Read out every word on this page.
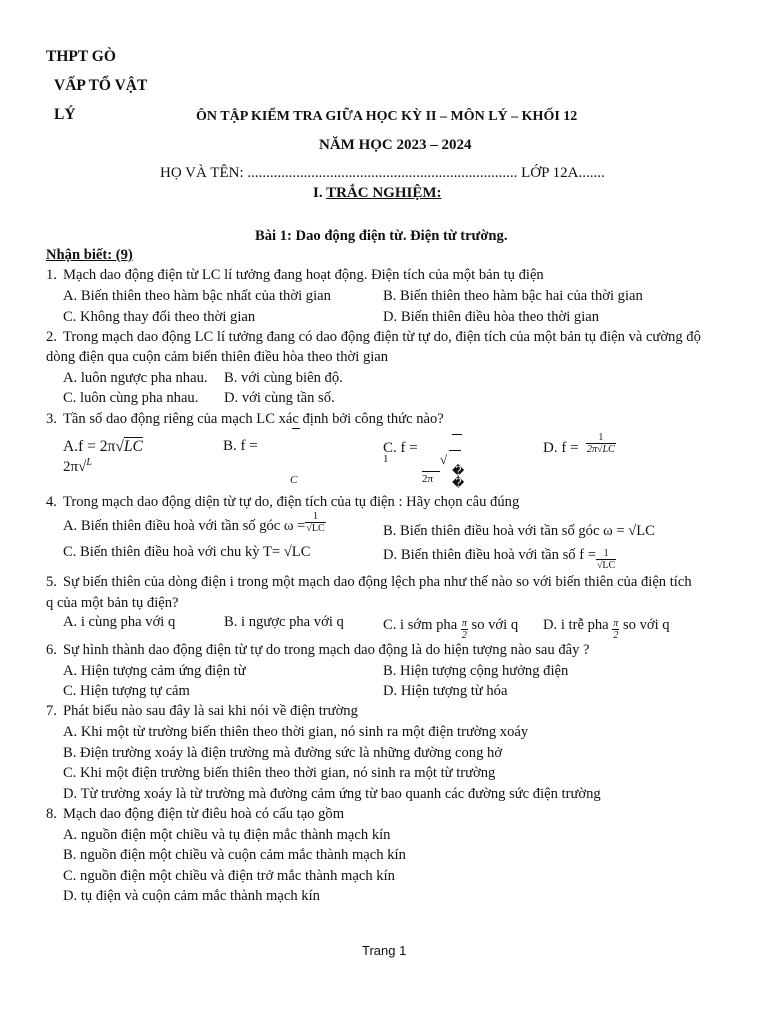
THPT GÒ
VẤP TỔ VẬT
LÝ	ÔN TẬP KIỂM TRA GIỮA HỌC KỲ II – MÔN LÝ – KHỐI 12
NĂM HỌC 2023 – 2024
HỌ VÀ TÊN: ........................................................................ LỚP 12A.......
I. TRẮC NGHIỆM:
Bài 1: Dao động điện từ. Điện từ trường.
Nhận biết: (9)
1. Mạch dao động điện từ LC lí tưởng đang hoạt động. Điện tích của một bản tụ điện
A. Biến thiên theo hàm bậc nhất của thời gian	B. Biến thiên theo hàm bậc hai của thời gian
C. Không thay đổi theo thời gian	D. Biến thiên điều hòa theo thời gian
2. Trong mạch dao động LC lí tưởng đang có dao động điện từ tự do, điện tích của một bản tụ điện và cường độ
dòng điện qua cuộn cảm biến thiên điều hòa theo thời gian
A. luôn ngược pha nhau. B. với cùng biên độ.
C. luôn cùng pha nhau. D. với cùng tần số.
3. Tần số dao động riêng của mạch LC xác định bởi công thức nào?
A.f = 2π√LC
2π√$^L$
B. f =
C
C. f =
1	√
�
�
2π
D. $f = \frac{1}{2\pi√LC}$
4. Trong mạch dao động diện từ tự do, điện tích của tụ điện : Hãy chọn câu đúng
A. Biến thiên điều hoà với tần số góc $\omega = \frac{1}{√LC}$	B. Biến thiên điều hoà với tần số góc ω = √LC
C. Biến thiên điều hoà với chu kỳ T= √LC	D. Biến thiên điều hoà với tần số $f = \frac{1}{√LC}$
5. Sự biến thiên của dòng điện i trong một mạch dao động lệch pha như thế nào so với biến thiên của điện tích
q của một bản tụ điện?
A. i cùng pha với q	B. i ngược pha với q	C. i sớm pha $\frac{\pi}{2}$ so với q D. i trễ pha $\frac{\pi}{2}$ so với q
6. Sự hình thành dao động điện từ tự do trong mạch dao động là do hiện tượng nào sau đây ?
A. Hiện tượng cảm ứng điện từ	B. Hiện tượng cộng hưởng điện
C. Hiện tượng tự cảm	D. Hiện tượng từ hóa
7. Phát biểu nào sau đây là sai khi nói về điện trường
A. Khi một từ trường biến thiên theo thời gian, nó sinh ra một điện trường xoáy
B. Điện trường xoáy là điện trường mà đường sức là những đường cong hở
C. Khi một điện trường biến thiên theo thời gian, nó sinh ra một từ trường
D. Từ trường xoáy là từ trường mà đường cảm ứng từ bao quanh các đường sức điện trường
8. Mạch dao động điện từ điêu hoà có cấu tạo gồm
A. nguồn điện một chiều và tụ điện mắc thành mạch kín
B. nguồn điện một chiều và cuộn cảm mắc thành mạch kín
C. nguồn điện một chiều và điện trở mắc thành mạch kín
D. tụ điện và cuộn cảm mắc thành mạch kín
Trang 1
